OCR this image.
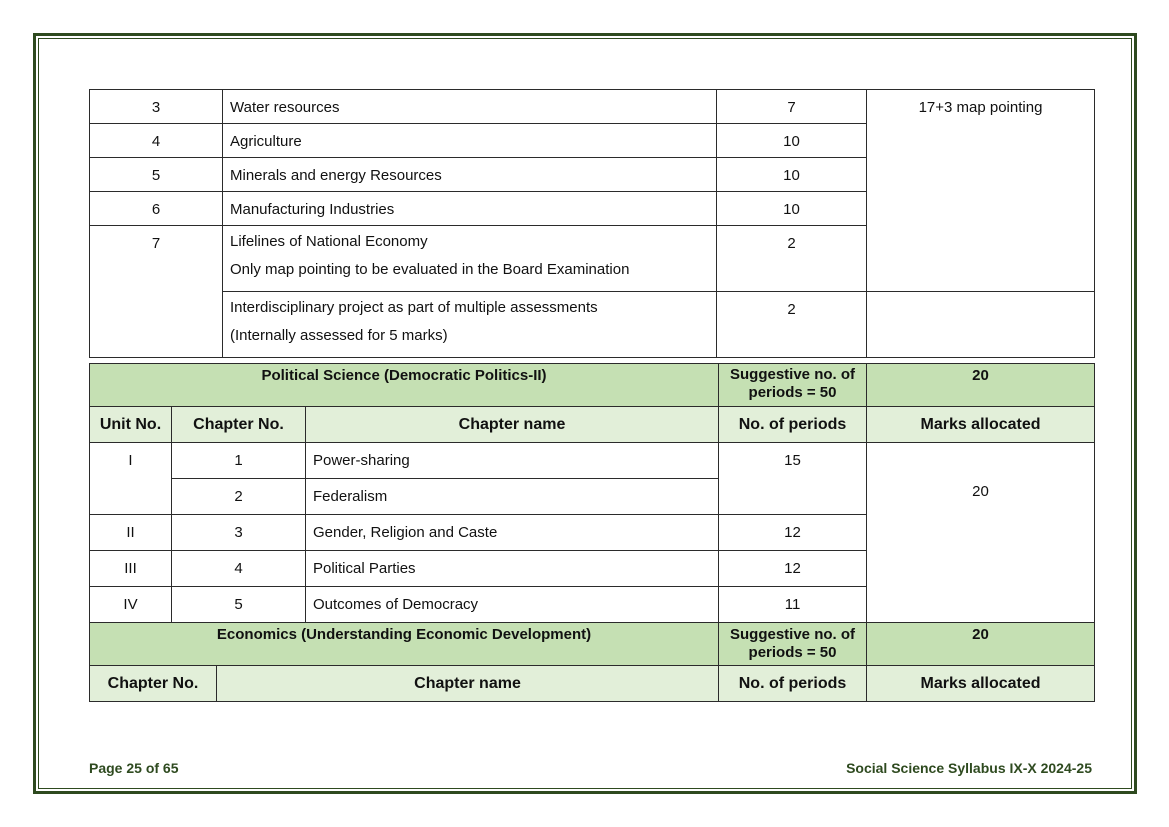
3	Water resources	7	17+3 map pointing
4	Agriculture	10	
5	Minerals and energy Resources	10	
6	Manufacturing Industries	10	
7	Lifelines of National Economy
Only map pointing to be evaluated in the Board Examination	2	

	Interdisciplinary project as part of multiple assessments
(Internally assessed for 5 marks)	2	
Political Science (Democratic Politics-II)			Suggestive no. of periods = 50	20
Unit No.	Chapter No.	Chapter name	No. of periods	Marks allocated
I	1	Power-sharing	15	20
	2	Federalism		
II	3	Gender, Religion and Caste	12	
III	4	Political Parties	12	
IV	5	Outcomes of Democracy	11	
Economics (Understanding Economic Development)		Suggestive no. of periods = 50	20
Chapter No.	Chapter name	No. of periods	Marks allocated
Page 25 of 65	Social Science Syllabus IX-X 2024-25
